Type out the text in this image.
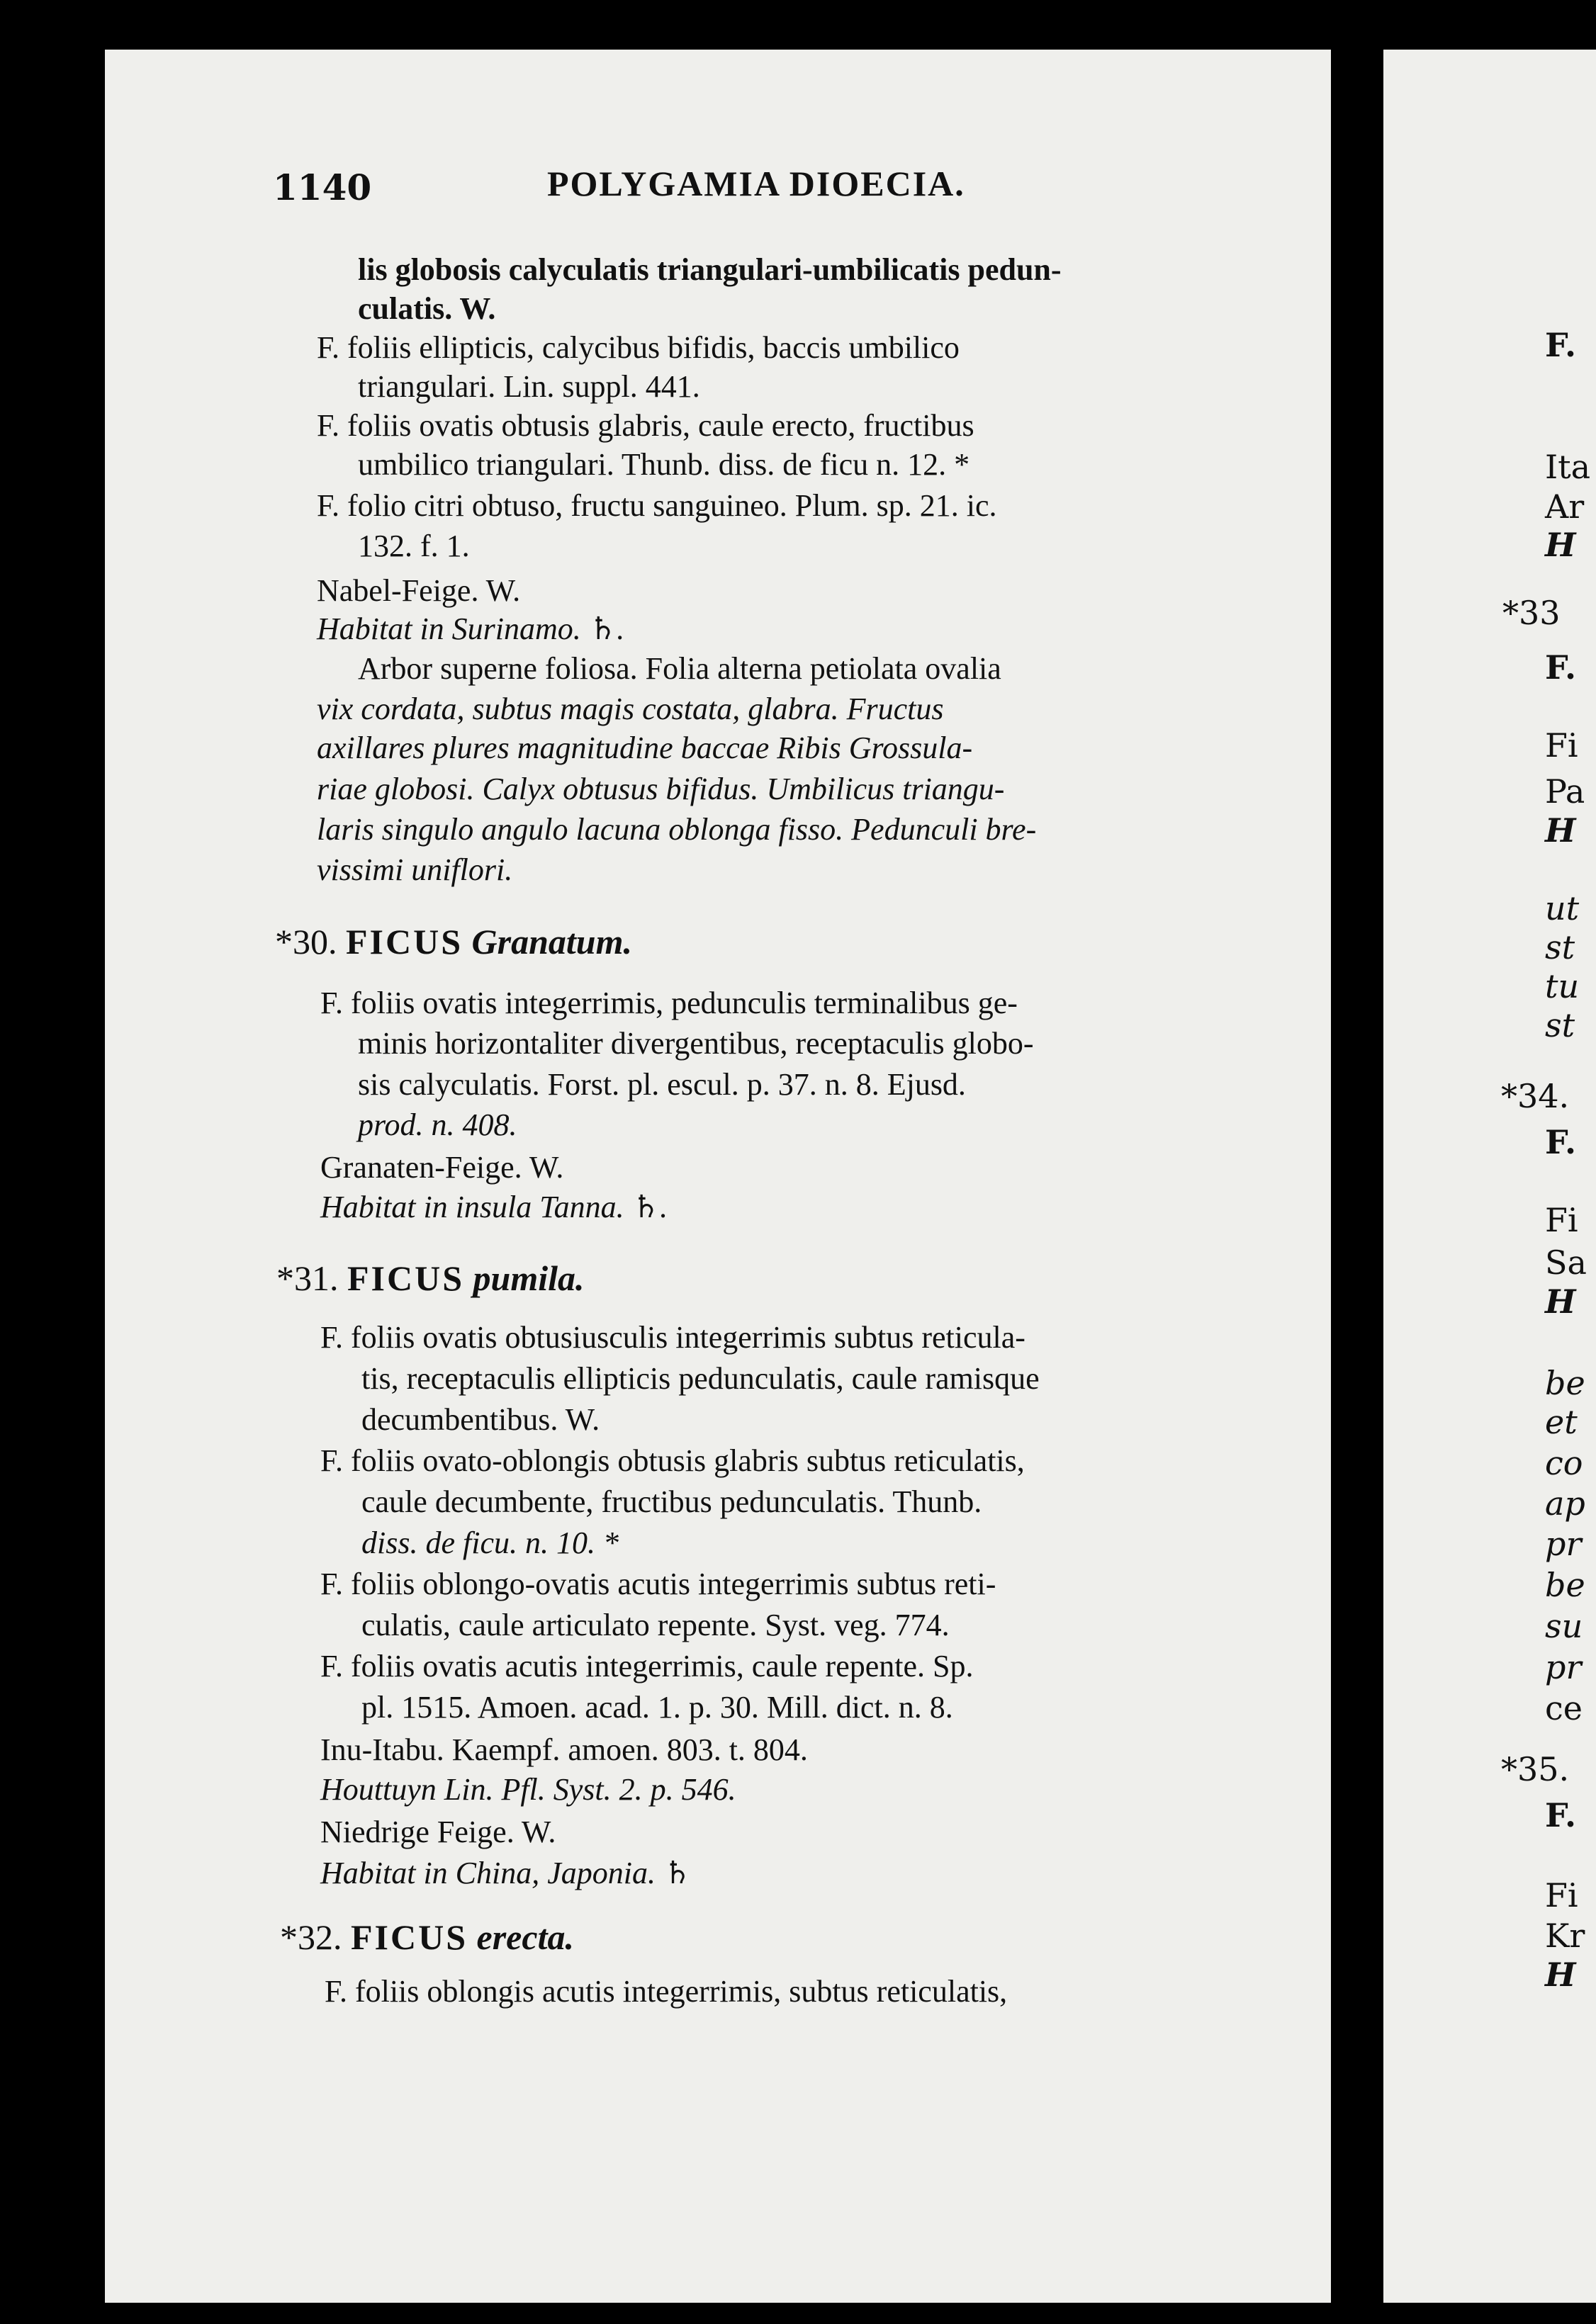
1140	POLYGAMIA DIOECIA.
lis globosis calyculatis triangulari-umbilicatis pedun-
culatis. W.
F. foliis ellipticis, calycibus bifidis, baccis umbilico
triangulari. Lin. suppl. 441.
F. foliis ovatis obtusis glabris, caule erecto, fructibus
umbilico triangulari. Thunb. diss. de ficu n. 12. *
F. folio citri obtuso, fructu sanguineo. Plum. sp. 21. ic.
132. f. 1.
Nabel-Feige. W.
Habitat in Surinamo. ♄.
Arbor superne foliosa. Folia alterna petiolata ovalia
vix cordata, subtus magis costata, glabra. Fructus
axillares plures magnitudine baccae Ribis Grossula-
riae globosi. Calyx obtusus bifidus. Umbilicus triangu-
laris singulo angulo lacuna oblonga fisso. Pedunculi bre-
vissimi uniflori.
*30. FICUS Granatum.
F. foliis ovatis integerrimis, pedunculis terminalibus ge-
minis horizontaliter divergentibus, receptaculis globo-
sis calyculatis. Forst. pl. escul. p. 37. n. 8. Ejusd.
prod. n. 408.
Granaten-Feige. W.
Habitat in insula Tanna. ♄.
*31. FICUS pumila.
F. foliis ovatis obtusiusculis integerrimis subtus reticula-
tis, receptaculis ellipticis pedunculatis, caule ramisque
decumbentibus. W.
F. foliis ovato-oblongis obtusis glabris subtus reticulatis,
caule decumbente, fructibus pedunculatis. Thunb.
diss. de ficu. n. 10. *
F. foliis oblongo-ovatis acutis integerrimis subtus reti-
culatis, caule articulato repente. Syst. veg. 774.
F. foliis ovatis acutis integerrimis, caule repente. Sp.
pl. 1515. Amoen. acad. 1. p. 30. Mill. dict. n. 8.
Inu-Itabu. Kaempf. amoen. 803. t. 804.
Houttuyn Lin. Pfl. Syst. 2. p. 546.
Niedrige Feige. W.
Habitat in China, Japonia. ♄
*32. FICUS erecta.
F. foliis oblongis acutis integerrimis, subtus reticulatis,
F.
Ita
Ar
H
*33
F.
Fi
Pa
H
ut
st
tu
st
*34.
F.
Fi
Sa
H
be
et
co
ap
pr
be
su
pr
ce
*35.
F.
Fi
Kr
H
